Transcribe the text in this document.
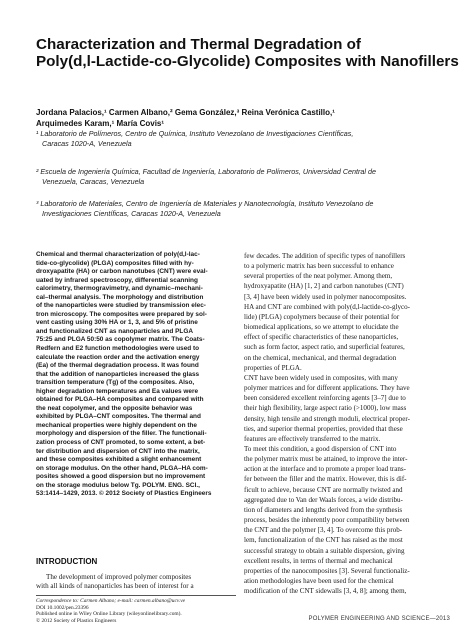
Characterization and Thermal Degradation of
Poly(d,l-Lactide-co-Glycolide) Composites with Nanofillers
Jordana Palacios,¹ Carmen Albano,² Gema González,³ Reina Verónica Castillo,¹
Arquimedes Karam,¹ María Covis¹
¹ Laboratorio de Polímeros, Centro de Química, Instituto Venezolano de Investigaciones Científicas,
Caracas 1020-A, Venezuela
² Escuela de Ingeniería Química, Facultad de Ingeniería, Laboratorio de Polímeros, Universidad Central de
Venezuela, Caracas, Venezuela
³ Laboratorio de Materiales, Centro de Ingeniería de Materiales y Nanotecnología, Instituto Venezolano de
Investigaciones Científicas, Caracas 1020-A, Venezuela
Chemical and thermal characterization of poly(d,l-lac-
tide-co-glycolide) (PLGA) composites filled with hy-
droxyapatite (HA) or carbon nanotubes (CNT) were eval-
uated by infrared spectroscopy, differential scanning
calorimetry, thermogravimetry, and dynamic–mechani-
cal–thermal analysis. The morphology and distribution
of the nanoparticles were studied by transmission elec-
tron microscopy. The composites were prepared by sol-
vent casting using 30% HA or 1, 3, and 5% of pristine
and functionalized CNT as nanoparticles and PLGA
75:25 and PLGA 50:50 as copolymer matrix. The Coats-
Redfern and E2 function methodologies were used to
calculate the reaction order and the activation energy
(Ea) of the thermal degradation process. It was found
that the addition of nanoparticles increased the glass
transition temperature (Tg) of the composites. Also,
higher degradation temperatures and Ea values were
obtained for PLGA–HA composites and compared with
the neat copolymer, and the opposite behavior was
exhibited by PLGA–CNT composites. The thermal and
mechanical properties were highly dependent on the
morphology and dispersion of the filler. The functionali-
zation process of CNT promoted, to some extent, a bet-
ter distribution and dispersion of CNT into the matrix,
and these composites exhibited a slight enhancement
on storage modulus. On the other hand, PLGA–HA com-
posites showed a good dispersion but no improvement
on the storage modulus below Tg. POLYM. ENG. SCI.,
53:1414–1429, 2013. © 2012 Society of Plastics Engineers
INTRODUCTION
The development of improved polymer composites
with all kinds of nanoparticles has been of interest for a
Correspondence to: Carmen Albano; e-mail: carmen.albano@ucv.ve
DOI 10.1002/pen.23396
Published online in Wiley Online Library (wileyonlinelibrary.com).
© 2012 Society of Plastics Engineers
few decades. The addition of specific types of nanofillers
to a polymeric matrix has been successful to enhance
several properties of the neat polymer. Among them,
hydroxyapatite (HA) [1, 2] and carbon nanotubes (CNT)
[3, 4] have been widely used in polymer nanocomposites.
HA and CNT are combined with poly(d,l-lactide-co-glyco-
lide) (PLGA) copolymers because of their potential for
biomedical applications, so we attempt to elucidate the
effect of specific characteristics of these nanoparticles,
such as form factor, aspect ratio, and superficial features,
on the chemical, mechanical, and thermal degradation
properties of PLGA.
CNT have been widely used in composites, with many
polymer matrices and for different applications. They have
been considered excellent reinforcing agents [3–7] due to
their high flexibility, large aspect ratio (>1000), low mass
density, high tensile and strength moduli, electrical proper-
ties, and superior thermal properties, provided that these
features are effectively transferred to the matrix.
To meet this condition, a good dispersion of CNT into
the polymer matrix must be attained, to improve the inter-
action at the interface and to promote a proper load trans-
fer between the filler and the matrix. However, this is dif-
ficult to achieve, because CNT are normally twisted and
aggregated due to Van der Waals forces, a wide distribu-
tion of diameters and lengths derived from the synthesis
process, besides the inherently poor compatibility between
the CNT and the polymer [3, 4]. To overcome this prob-
lem, functionalization of the CNT has raised as the most
successful strategy to obtain a suitable dispersion, giving
excellent results, in terms of thermal and mechanical
properties of the nanocomposites [3]. Several functionaliz-
ation methodologies have been used for the chemical
modification of the CNT sidewalls [3, 4, 8]; among them,
POLYMER ENGINEERING AND SCIENCE—2013
